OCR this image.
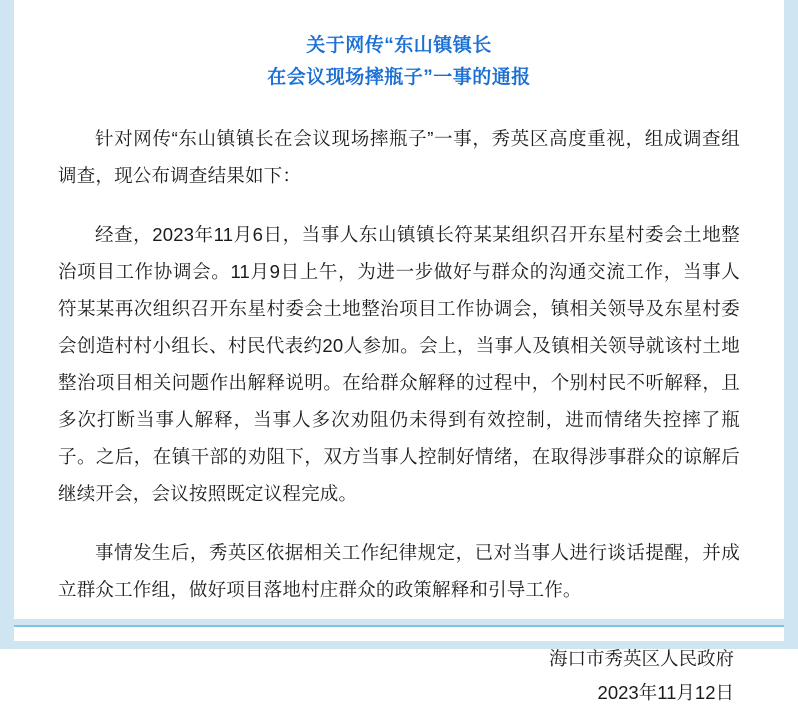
关于网传“东山镇镇长
在会议现场摔瓶子”一事的通报

针对网传“东山镇镇长在会议现场摔瓶子”一事，秀英区高度重视，组成调查组调查，现公布调查结果如下：

经查，2023年11月6日，当事人东山镇镇长符某某组织召开东星村委会土地整治项目工作协调会。11月9日上午，为进一步做好与群众的沟通交流工作，当事人符某某再次组织召开东星村委会土地整治项目工作协调会，镇相关领导及东星村委会创造村村小组长、村民代表约20人参加。会上，当事人及镇相关领导就该村土地整治项目相关问题作出解释说明。在给群众解释的过程中，个别村民不听解释，且多次打断当事人解释，当事人多次劝阻仍未得到有效控制，进而情绪失控摔了瓶子。之后，在镇干部的劝阻下，双方当事人控制好情绪，在取得涉事群众的谅解后继续开会，会议按照既定议程完成。

事情发生后，秀英区依据相关工作纪律规定，已对当事人进行谈话提醒，并成立群众工作组，做好项目落地村庄群众的政策解释和引导工作。

海口市秀英区人民政府
2023年11月12日
